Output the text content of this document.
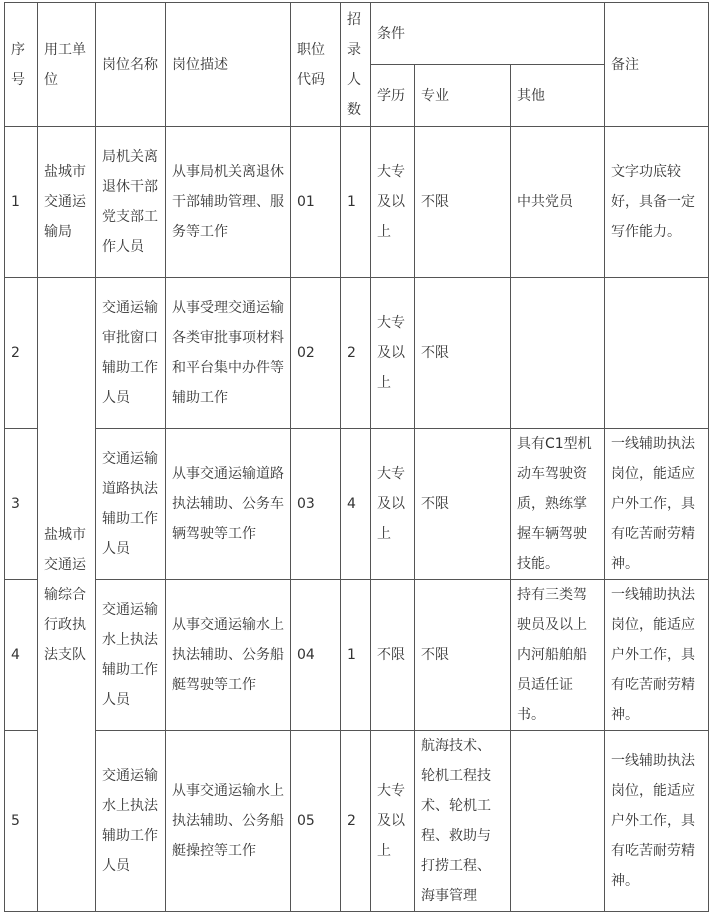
序号	用工单位	岗位名称	岗位描述	职位代码	招录人数	条件			备注
						学历	专业	其他	
1	盐城市交通运输局	局机关离退休干部党支部工作人员	从事局机关离退休干部辅助管理、服务等工作	01	1	大专及以上	不限	中共党员	文字功底较好，具备一定写作能力。
2	盐城市交通运输综合行政执法支队	交通运输审批窗口辅助工作人员	从事受理交通运输各类审批事项材料和平台集中办件等辅助工作	02	2	大专及以上	不限		
3		交通运输道路执法辅助工作人员	从事交通运输道路执法辅助、公务车辆驾驶等工作	03	4	大专及以上	不限	具有C1型机动车驾驶资质，熟练掌握车辆驾驶技能。	一线辅助执法岗位，能适应户外工作，具有吃苦耐劳精神。
4		交通运输水上执法辅助工作人员	从事交通运输水上执法辅助、公务船艇驾驶等工作	04	1	不限	不限	持有三类驾驶员及以上内河船舶船员适任证书。	一线辅助执法岗位，能适应户外工作，具有吃苦耐劳精神。
5		交通运输水上执法辅助工作人员	从事交通运输水上执法辅助、公务船艇操控等工作	05	2	大专及以上	航海技术、轮机工程技术、轮机工程、救助与打捞工程、海事管理		一线辅助执法岗位，能适应户外工作，具有吃苦耐劳精神。
